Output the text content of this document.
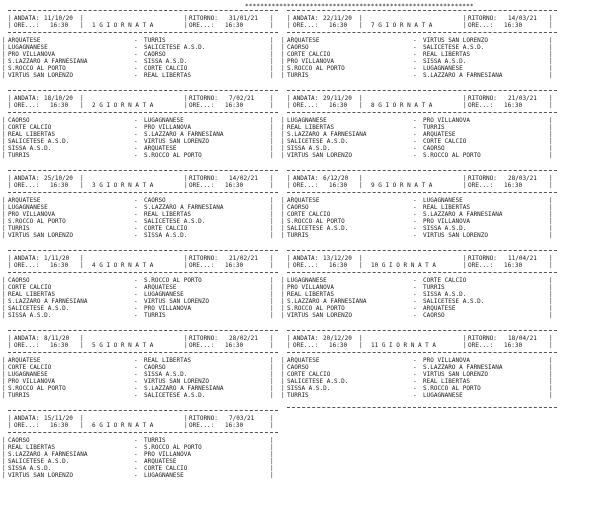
************************************************************
| ANDATA: 11/10/20 |	| RITORNO: 31/01/21 |
| ORE...: 16:30 | 1 G I O R N A T A	| ORE...: 16:30	|
ARQUATESE	- TURRIS
|	|
LUGAGNANESE	- SALICETESE A.S.D.
|	|
PRO VILLANOVA	- CAORSO
|	|
S.LAZZARO A FARNESIANA	- SISSA A.S.D.
|	|
S.ROCCO AL PORTO	- CORTE CALCIO
|	|
VIRTUS SAN LORENZO	- REAL LIBERTAS
|	|
| ANDATA: 18/10/20 |	| RITORNO: 7/02/21	|
| ORE...: 16:30 | 2 G I O R N A T A	| ORE...: 16:30	|
CAORSO	- LUGAGNANESE
|	|
CORTE CALCIO	- PRO VILLANOVA
|	|
REAL LIBERTAS	- S.LAZZARO A FARNESIANA
|	|
SALICETESE A.S.D.	- VIRTUS SAN LORENZO
|	|
SISSA A.S.D.	- ARQUATESE
|	|
TURRIS	- S.ROCCO AL PORTO
|	|
| ANDATA: 25/10/20 |	| RITORNO: 14/02/21 |
| ORE...: 16:30 | 3 G I O R N A T A	| ORE...: 16:30	|
ARQUATESE	- CAORSO
|	|
LUGAGNANESE	- S.LAZZARO A FARNESIANA
|	|
PRO VILLANOVA	- REAL LIBERTAS
|	|
S.ROCCO AL PORTO	- SALICETESE A.S.D.
|	|
TURRIS	- CORTE CALCIO
|	|
VIRTUS SAN LORENZO	- SISSA A.S.D.
|	|
| ANDATA: 1/11/20 |	| RITORNO: 21/02/21 |
| ORE...: 16:30 | 4 G I O R N A T A	| ORE...: 16:30	|
CAORSO	- S.ROCCO AL PORTO
|	|
CORTE CALCIO	- ARQUATESE
|	|
REAL LIBERTAS	- LUGAGNANESE
|	|
S.LAZZARO A FARNESIANA	- VIRTUS SAN LORENZO
|	|
SALICETESE A.S.D.	- PRO VILLANOVA
|	|
SISSA A.S.D.	- TURRIS
|	|
| ANDATA: 8/11/20 |	| RITORNO: 28/02/21 |
| ORE...: 16:30 | 5 G I O R N A T A	| ORE...: 16:30	|
ARQUATESE	- REAL LIBERTAS
|	|
CORTE CALCIO	- CAORSO
|	|
LUGAGNANESE	- SISSA A.S.D.
|	|
PRO VILLANOVA	- VIRTUS SAN LORENZO
|	|
S.ROCCO AL PORTO	- S.LAZZARO A FARNESIANA
|	|
TURRIS	- SALICETESE A.S.D.
|	|
| ANDATA: 15/11/20 |	| RITORNO: 7/03/21	|
| ORE...: 16:30 | 6 G I O R N A T A	| ORE...: 16:30	|
CAORSO	- TURRIS
|	|
REAL LIBERTAS	- S.ROCCO AL PORTO
|	|
S.LAZZARO A FARNESIANA	- PRO VILLANOVA
|	|
SALICETESE A.S.D.	- ARQUATESE
|	|
SISSA A.S.D.	- CORTE CALCIO
|	|
VIRTUS SAN LORENZO	- LUGAGNANESE
|	|
| ANDATA: 22/11/20 |	| RITORNO: 14/03/21 |
| ORE...: 16:30 | 7 G I O R N A T A	| ORE...: 16:30	|
ARQUATESE	- VIRTUS SAN LORENZO
|	|
CAORSO	- SALICETESE A.S.D.
|	|
CORTE CALCIO	- REAL LIBERTAS
|	|
PRO VILLANOVA	- SISSA A.S.D.
|	|
S.ROCCO AL PORTO	- LUGAGNANESE
|	|
TURRIS	- S.LAZZARO A FARNESIANA
|	|
| ANDATA: 29/11/20 |	| RITORNO: 21/03/21 |
| ORE...: 16:30 | 8 G I O R N A T A	| ORE...: 16:30	|
LUGAGNANESE	- PRO VILLANOVA
|	|
REAL LIBERTAS	- TURRIS
|	|
S.LAZZARO A FARNESIANA	- ARQUATESE
|	|
SALICETESE A.S.D.	- CORTE CALCIO
|	|
SISSA A.S.D.	- CAORSO
|	|
VIRTUS SAN LORENZO	- S.ROCCO AL PORTO
|	|
| ANDATA: 6/12/20 |	| RITORNO: 28/03/21 |
| ORE...: 16:30 | 9 G I O R N A T A	| ORE...: 16:30	|
ARQUATESE	- LUGAGNANESE
|	|
CAORSO	- REAL LIBERTAS
|	|
CORTE CALCIO	- S.LAZZARO A FARNESIANA
|	|
S.ROCCO AL PORTO	- PRO VILLANOVA
|	|
SALICETESE A.S.D.	- SISSA A.S.D.
|	|
TURRIS	- VIRTUS SAN LORENZO
|	|
| ANDATA: 13/12/20 |	| RITORNO: 11/04/21 |
| ORE...: 16:30 | 10 G I O R N A T A	| ORE...: 16:30	|
LUGAGNANESE	- CORTE CALCIO
|	|
PRO VILLANOVA	- TURRIS
|	|
REAL LIBERTAS	- SISSA A.S.D.
|	|
S.LAZZARO A FARNESIANA	- SALICETESE A.S.D.
|	|
S.ROCCO AL PORTO	- ARQUATESE
|	|
VIRTUS SAN LORENZO	- CAORSO
|	|
| ANDATA: 20/12/20 |	| RITORNO: 18/04/21 |
| ORE...: 16:30 | 11 G I O R N A T A	| ORE...: 16:30	|
ARQUATESE	- PRO VILLANOVA
|	|
CAORSO	- S.LAZZARO A FARNESIANA
|	|
CORTE CALCIO	- VIRTUS SAN LORENZO
|	|
SALICETESE A.S.D.	- REAL LIBERTAS
|	|
SISSA A.S.D.	- S.ROCCO AL PORTO
|	|
TURRIS	- LUGAGNANESE
|	|
